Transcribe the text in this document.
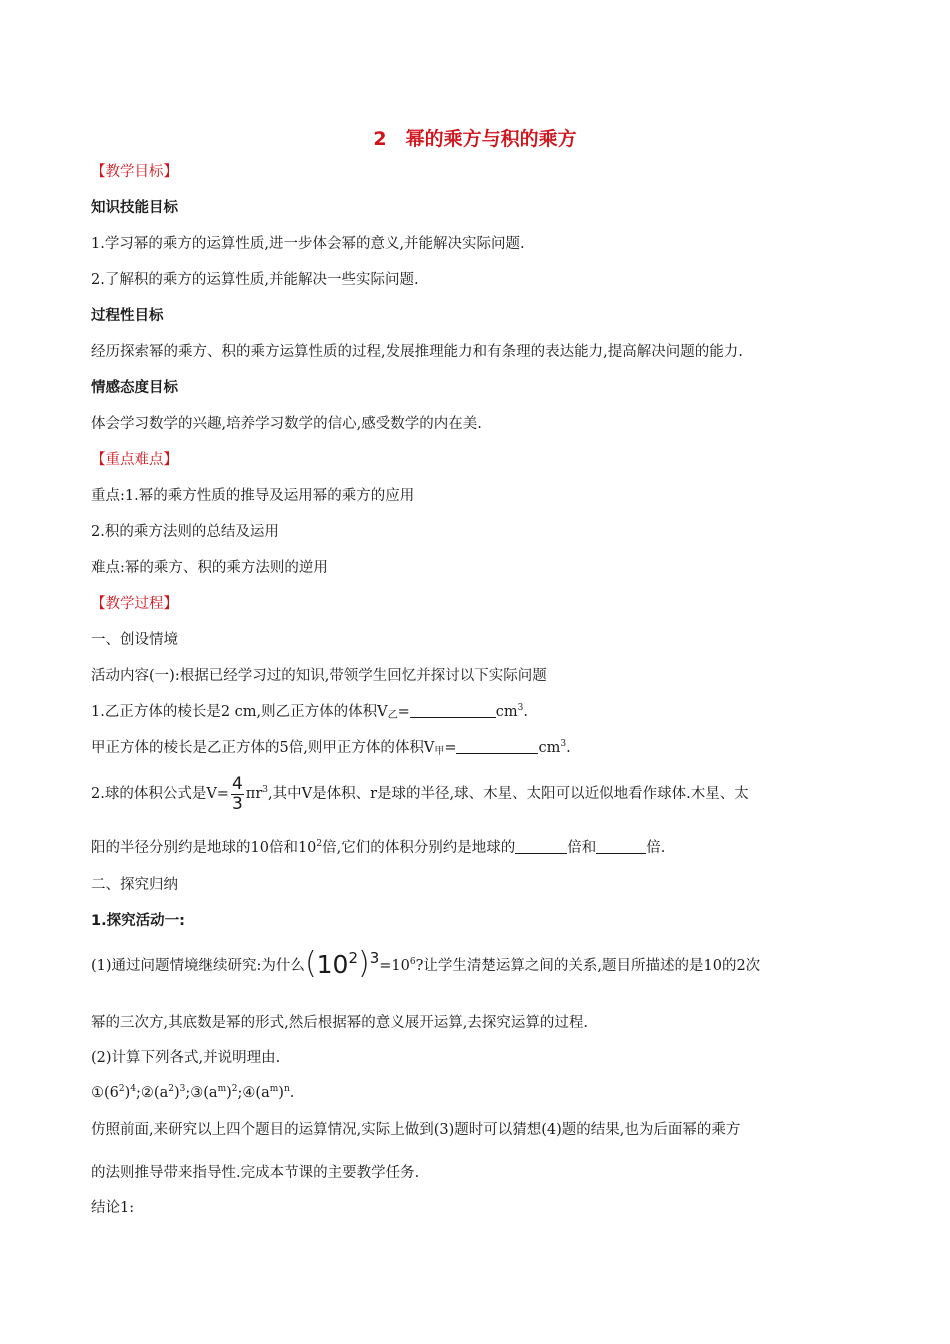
2　幂的乘方与积的乘方
【教学目标】
知识技能目标
1.学习幂的乘方的运算性质,进一步体会幂的意义,并能解决实际问题.
2.了解积的乘方的运算性质,并能解决一些实际问题.
过程性目标
经历探索幂的乘方、积的乘方运算性质的过程,发展推理能力和有条理的表达能力,提高解决问题的能力.
情感态度目标
体会学习数学的兴趣,培养学习数学的信心,感受数学的内在美.
【重点难点】
重点:1.幂的乘方性质的推导及运用幂的乘方的应用
2.积的乘方法则的总结及运用
难点:幂的乘方、积的乘方法则的逆用
【教学过程】
一、创设情境
活动内容(一):根据已经学习过的知识,带领学生回忆并探讨以下实际问题
1.乙正方体的棱长是2 cm,则乙正方体的体积$V_乙=$	$cm^3$.
甲正方体的棱长是乙正方体的5倍,则甲正方体的体积$V_甲=$	$cm^3$.
2.球的体积公式是$V= \frac{4}{3} \pi r^3$,其中V是体积、r是球的半径,球、木星、太阳可以近似地看作球体.木星、太
阳的半径分别约是地球的10倍和$10^2$倍,它们的体积分别约是地球的	倍和	倍.
二、探究归纳
1.探究活动一:
(1)通过问题情境继续研究:为什么$(10^2)^3=10^6$?让学生清楚运算之间的关系,题目所描述的是10的2次
幂的三次方,其底数是幂的形式,然后根据幂的意义展开运算,去探究运算的过程.
(2)计算下列各式,并说明理由.
$①(6^2)^4;②(a^2)^3;③(a^m)^2;④(a^m)^n$.
仿照前面,来研究以上四个题目的运算情况,实际上做到(3)题时可以猜想(4)题的结果,也为后面幂的乘方
的法则推导带来指导性.完成本节课的主要教学任务.
结论1:
